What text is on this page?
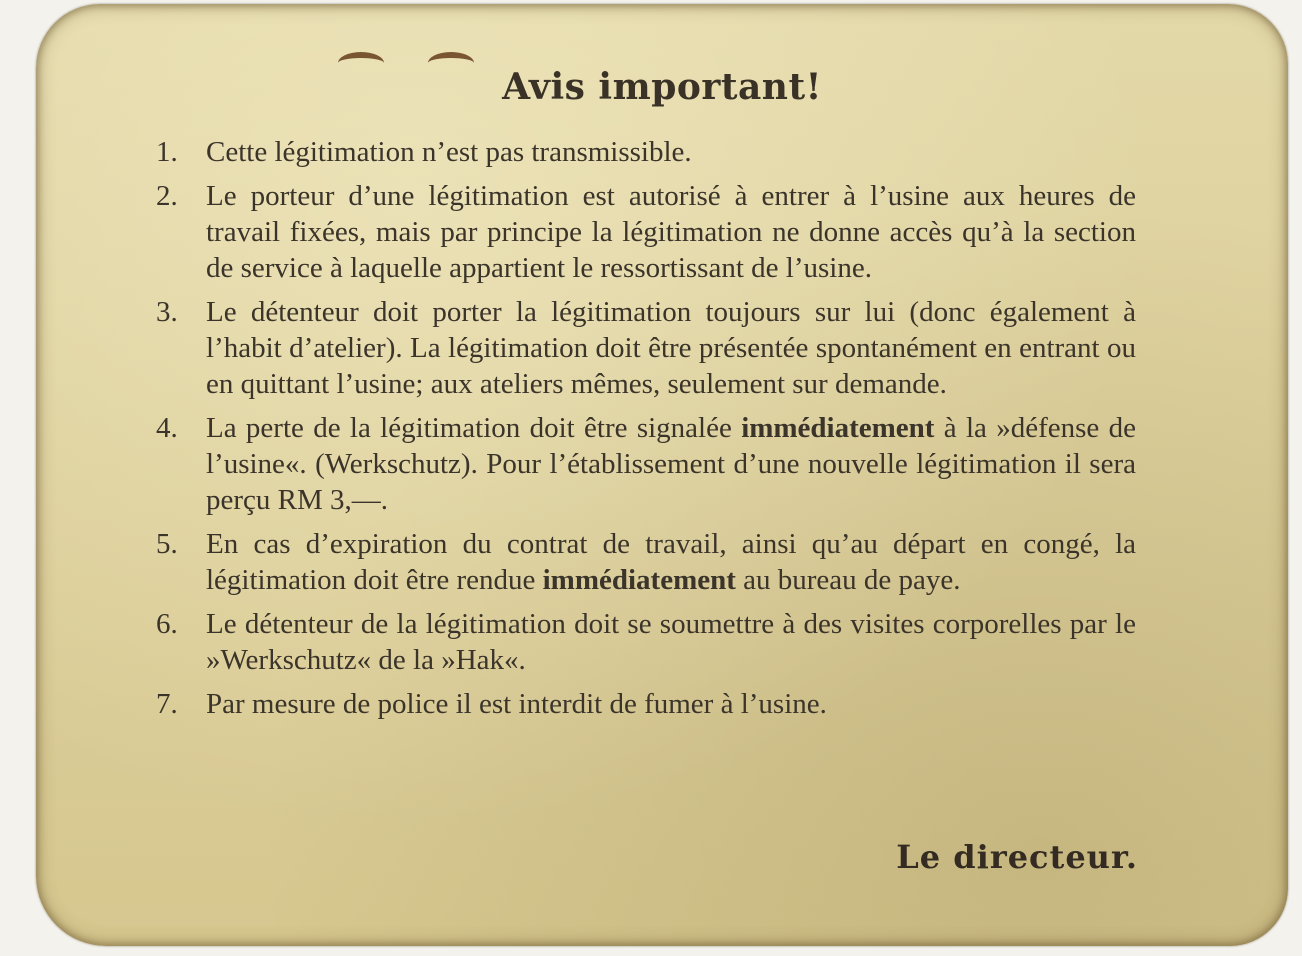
Avis important!
1. Cette légitimation n’est pas transmissible.
2. Le porteur d’une légitimation est autorisé à entrer à l’usine aux heures de travail fixées, mais par principe la légitimation ne donne accès qu’à la section de service à laquelle appartient le ressortissant de l’usine.
3. Le détenteur doit porter la légitimation toujours sur lui (donc également à l’habit d’atelier). La légitimation doit être présentée spontanément en entrant ou en quittant l’usine; aux ateliers mêmes, seulement sur demande.
4. La perte de la légitimation doit être signalée immédiatement à la »défense de l’usine«. (Werkschutz). Pour l’établissement d’une nouvelle légitimation il sera perçu RM 3,—.
5. En cas d’expiration du contrat de travail, ainsi qu’au départ en congé, la légitimation doit être rendue immédiatement au bureau de paye.
6. Le détenteur de la légitimation doit se soumettre à des visites corporelles par le »Werkschutz« de la »Hak«.
7. Par mesure de police il est interdit de fumer à l’usine.
Le directeur.
